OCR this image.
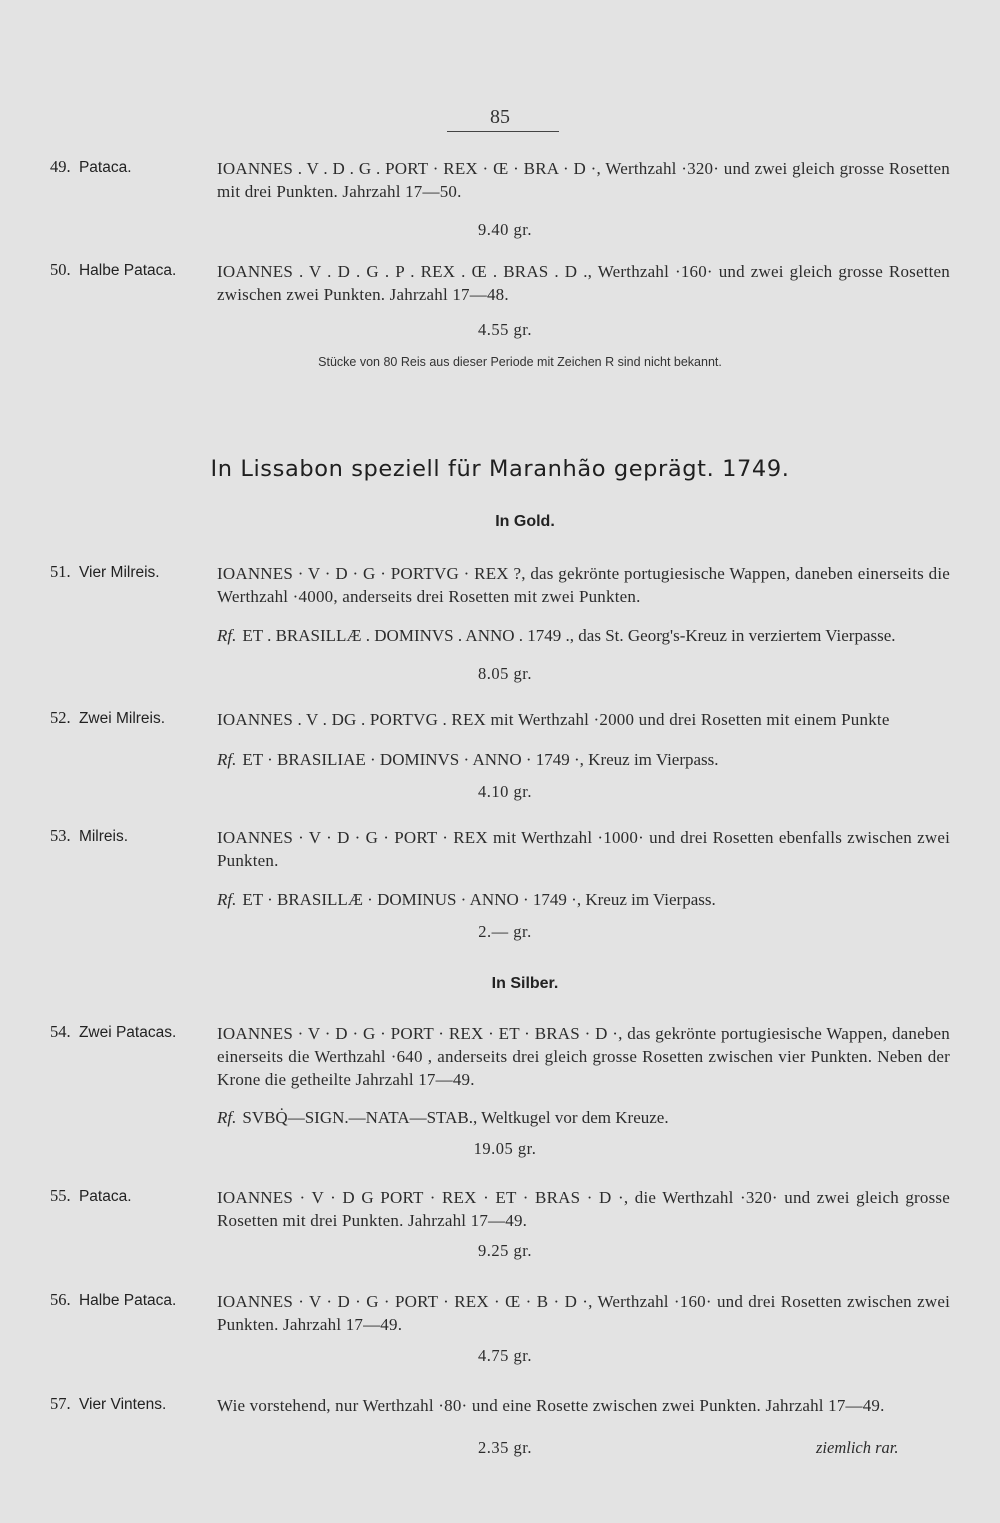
85
49. Pataca.	IOANNES . V . D . G . PORT · REX · Œ · BRA · D ·, Werthzahl ·320· und zwei gleich grosse Rosetten mit drei Punkten. Jahrzahl 17—50.
9.40 gr.
50. Halbe Pataca. IOANNES . V . D . G . P . REX . Œ . BRAS . D ., Werthzahl ·160· und zwei gleich grosse Rosetten zwischen zwei Punkten. Jahrzahl 17—48.
4.55 gr.
Stücke von 80 Reis aus dieser Periode mit Zeichen R sind nicht bekannt.
In Lissabon speziell für Maranhão geprägt. 1749.
In Gold.
51. Vier Milreis.	IOANNES · V · D · G · PORTVG · REX ?, das gekrönte portugiesische Wappen, daneben einerseits die Werthzahl ·4000, anderseits drei Rosetten mit zwei Punkten.
Rf. ET . BRASILLÆ . DOMINVS . ANNO . 1749 ., das St. Georg's-Kreuz in verziertem Vierpasse.
8.05 gr.
52. Zwei Milreis.	IOANNES . V . DG . PORTVG . REX mit Werthzahl ·2000 und drei Rosetten mit einem Punkte
Rf. ET · BRASILIAE · DOMINVS · ANNO · 1749 ·, Kreuz im Vierpass.
4.10 gr.
53. Milreis.	IOANNES · V · D · G · PORT · REX mit Werthzahl ·1000· und drei Rosetten ebenfalls zwischen zwei Punkten.
Rf. ET · BRASILLÆ · DOMINUS · ANNO · 1749 ·, Kreuz im Vierpass.
2.— gr.
In Silber.
54. Zwei Patacas. IOANNES · V · D · G · PORT · REX · ET · BRAS · D ·, das gekrönte portugiesische Wappen, daneben einerseits die Werthzahl ·640 , anderseits drei gleich grosse Rosetten zwischen vier Punkten. Neben der Krone die getheilte Jahrzahl 17—49.
Rf. SVBQ̇—SIGN.—NATA—STAB., Weltkugel vor dem Kreuze.
19.05 gr.
55. Pataca.	IOANNES · V · D G PORT · REX · ET · BRAS · D ·, die Werthzahl ·320· und zwei gleich grosse Rosetten mit drei Punkten. Jahrzahl 17—49.
9.25 gr.
56. Halbe Pataca. IOANNES · V · D · G · PORT · REX · Œ · B · D ·, Werthzahl ·160· und drei Rosetten zwischen zwei Punkten. Jahrzahl 17—49.
4.75 gr.
57. Vier Vintens.	Wie vorstehend, nur Werthzahl ·80· und eine Rosette zwischen zwei Punkten. Jahrzahl 17—49.
2.35 gr.	ziemlich rar.
